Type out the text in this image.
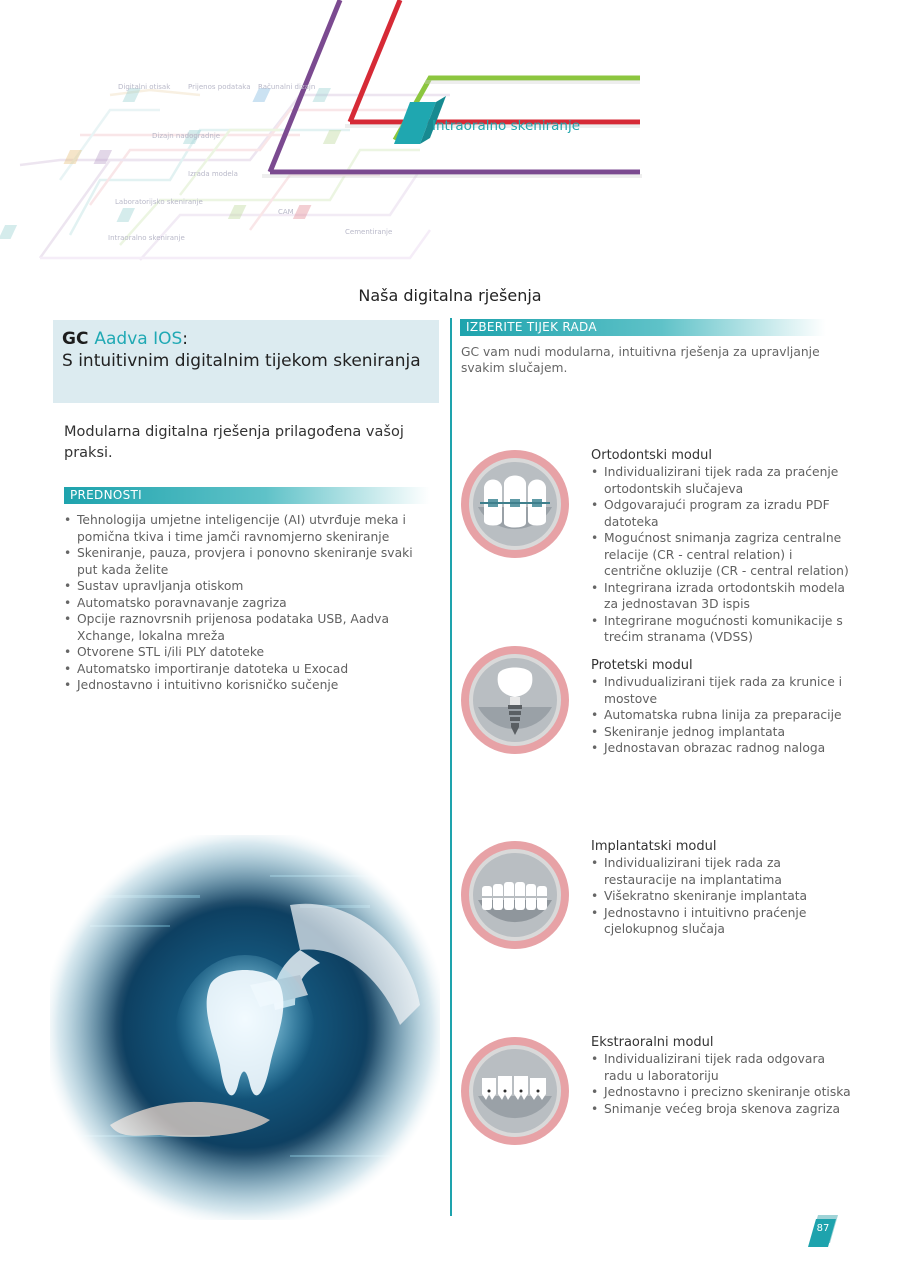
Digitalni otisak	Prijenos podataka Računalni dizajn
Dizajn nadogradnje
Izrada modela
CAM
Cementiranje
Intraoralno skeniranje
Laboratorijsko skeniranje
Intraoralno skeniranje
Naša digitalna rješenja
GC Aadva IOS:
S intuitivnim digitalnim tijekom skeniranja
Modularna digitalna rješenja prilagođena vašoj praksi.
PREDNOSTI
• Tehnologija umjetne inteligencije (AI) utvrđuje meka i pomična tkiva i time jamči ravnomjerno skeniranje
• Skeniranje, pauza, provjera i ponovno skeniranje svaki put kada želite
• Sustav upravljanja otiskom
• Automatsko poravnavanje zagriza
• Opcije raznovrsnih prijenosa podataka USB, Aadva Xchange, lokalna mreža
• Otvorene STL i/ili PLY datoteke
• Automatsko importiranje datoteka u Exocad
• Jednostavno i intuitivno korisničko sučenje
IZBERITE TIJEK RADA
GC vam nudi modularna, intuitivna rješenja za upravljanje svakim slučajem.
Ortodontski modul
• Individualizirani tijek rada za praćenje ortodontskih slučajeva
• Odgovarajući program za izradu PDF datoteka
• Mogućnost snimanja zagriza centralne relacije (CR - central relation) i centrične okluzije (CR - central relation)
• Integrirana izrada ortodontskih modela za jednostavan 3D ispis
• Integrirane mogućnosti komunikacije s trećim stranama (VDSS)
Protetski modul
• Indivudualizirani tijek rada za krunice i mostove
• Automatska rubna linija za preparacije
• Skeniranje jednog implantata
• Jednostavan obrazac radnog naloga
Implantatski modul
• Individualizirani tijek rada za restauracije na implantatima
• Višekratno skeniranje implantata
• Jednostavno i intuitivno praćenje cjelokupnog slučaja
Ekstraoralni modul
• Individualizirani tijek rada odgovara radu u laboratoriju
• Jednostavno i precizno skeniranje otiska
• Snimanje većeg broja skenova zagriza
87
